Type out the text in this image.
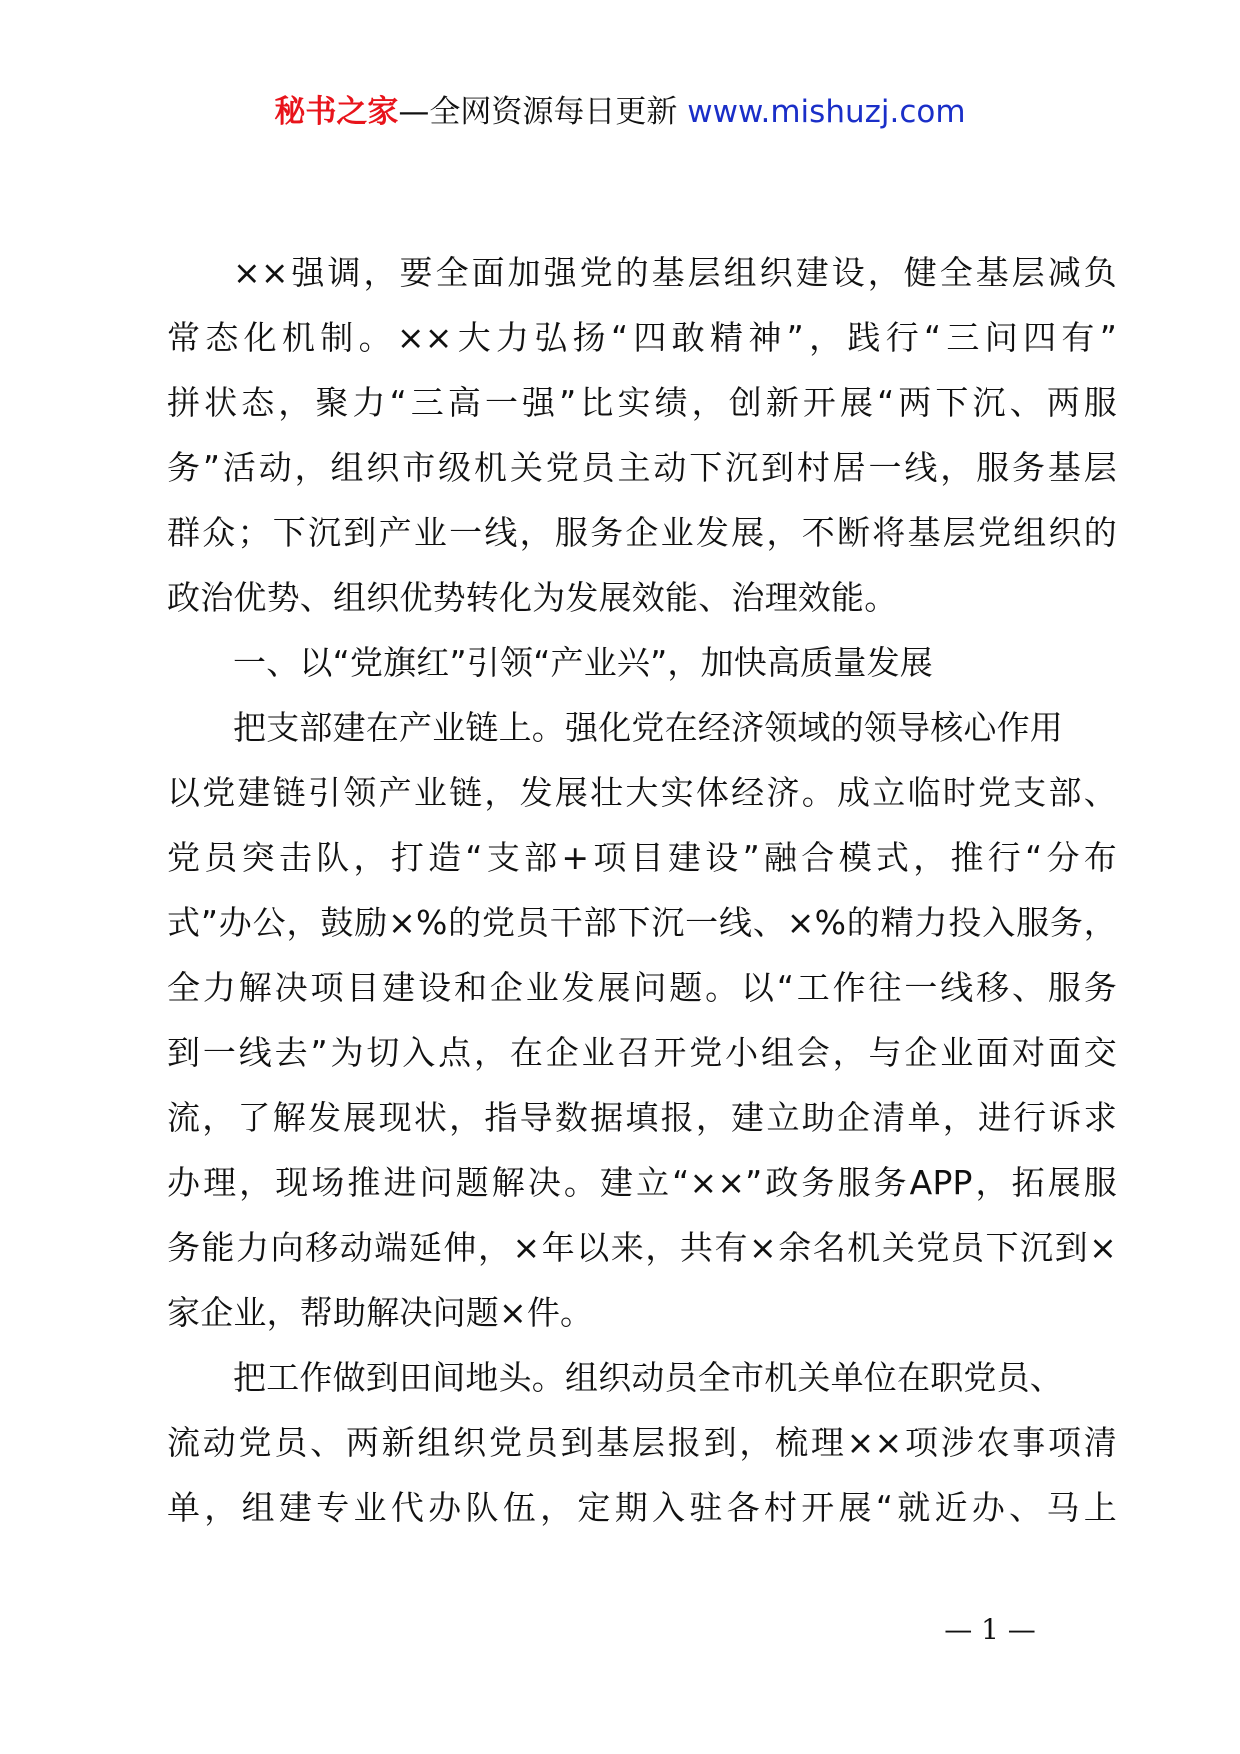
秘书之家—全网资源每日更新 www.mishuzj.com
××强调，要全面加强党的基层组织建设，健全基层减负
常态化机制。××大力弘扬“四敢精神”，践行“三问四有”
拼状态，聚力“三高一强”比实绩，创新开展“两下沉、两服
务”活动，组织市级机关党员主动下沉到村居一线，服务基层
群众；下沉到产业一线，服务企业发展，不断将基层党组织的
政治优势、组织优势转化为发展效能、治理效能。
一、以“党旗红”引领“产业兴”，加快高质量发展
把支部建在产业链上。强化党在经济领域的领导核心作用
以党建链引领产业链，发展壮大实体经济。成立临时党支部、
党员突击队，打造“支部+项目建设”融合模式，推行“分布
式”办公，鼓励×%的党员干部下沉一线、×%的精力投入服务，
全力解决项目建设和企业发展问题。以“工作往一线移、服务
到一线去”为切入点，在企业召开党小组会，与企业面对面交
流，了解发展现状，指导数据填报，建立助企清单，进行诉求
办理，现场推进问题解决。建立“××”政务服务APP，拓展服
务能力向移动端延伸，×年以来，共有×余名机关党员下沉到×
家企业，帮助解决问题×件。
把工作做到田间地头。组织动员全市机关单位在职党员、
流动党员、两新组织党员到基层报到，梳理××项涉农事项清
单，组建专业代办队伍，定期入驻各村开展“就近办、马上
— 1 —
